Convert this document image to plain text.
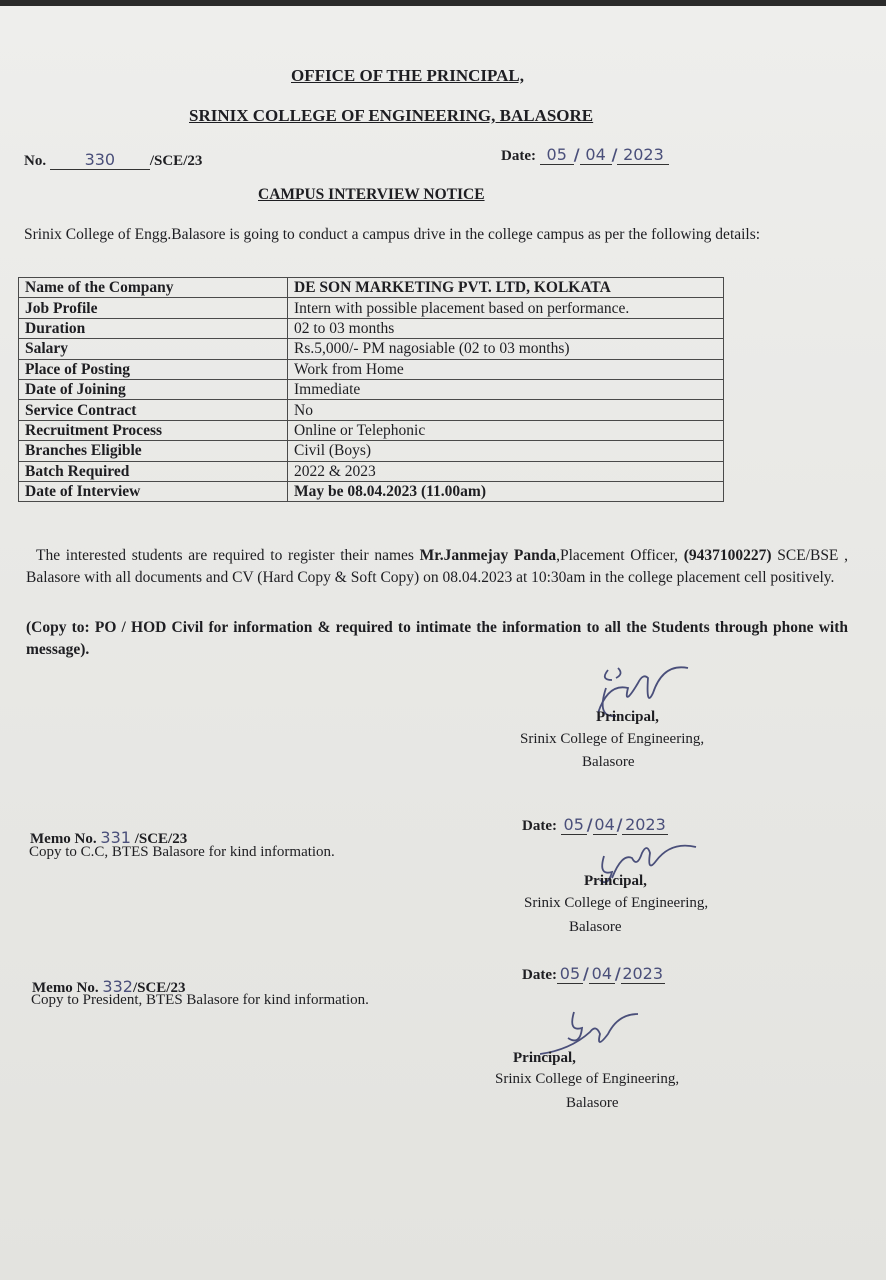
OFFICE OF THE PRINCIPAL,
SRINIX COLLEGE OF ENGINEERING, BALASORE
No. 330 /SCE/23	Date: 05 / 04 / 2023
CAMPUS INTERVIEW NOTICE
Srinix College of Engg.Balasore is going to conduct a campus drive in the college campus as per the following details:
Name of the Company	DE SON MARKETING PVT. LTD, KOLKATA
Job Profile	Intern with possible placement based on performance.
Duration	02 to 03 months
Salary	Rs.5,000/- PM nagosiable (02 to 03 months)
Place of Posting	Work from Home
Date of Joining	Immediate
Service Contract	No
Recruitment Process	Online or Telephonic
Branches Eligible	Civil (Boys)
Batch Required	2022 & 2023
Date of Interview	May be 08.04.2023 (11.00am)
The interested students are required to register their names Mr.Janmejay Panda,Placement Officer, (9437100227) SCE/BSE , Balasore with all documents and CV (Hard Copy & Soft Copy) on 08.04.2023 at 10:30am in the college placement cell positively.
(Copy to: PO / HOD Civil for information & required to intimate the information to all the Students through phone with message).
Principal,
Srinix College of Engineering,
Balasore
Memo No. 331 /SCE/23
Copy to C.C, BTES Balasore for kind information.
Date: 05 / 04 / 2023
Principal,
Srinix College of Engineering,
Balasore
Date: 05 / 04 / 2023
Memo No. 332/SCE/23
Copy to President, BTES Balasore for kind information.
Principal,
Srinix College of Engineering,
Balasore
